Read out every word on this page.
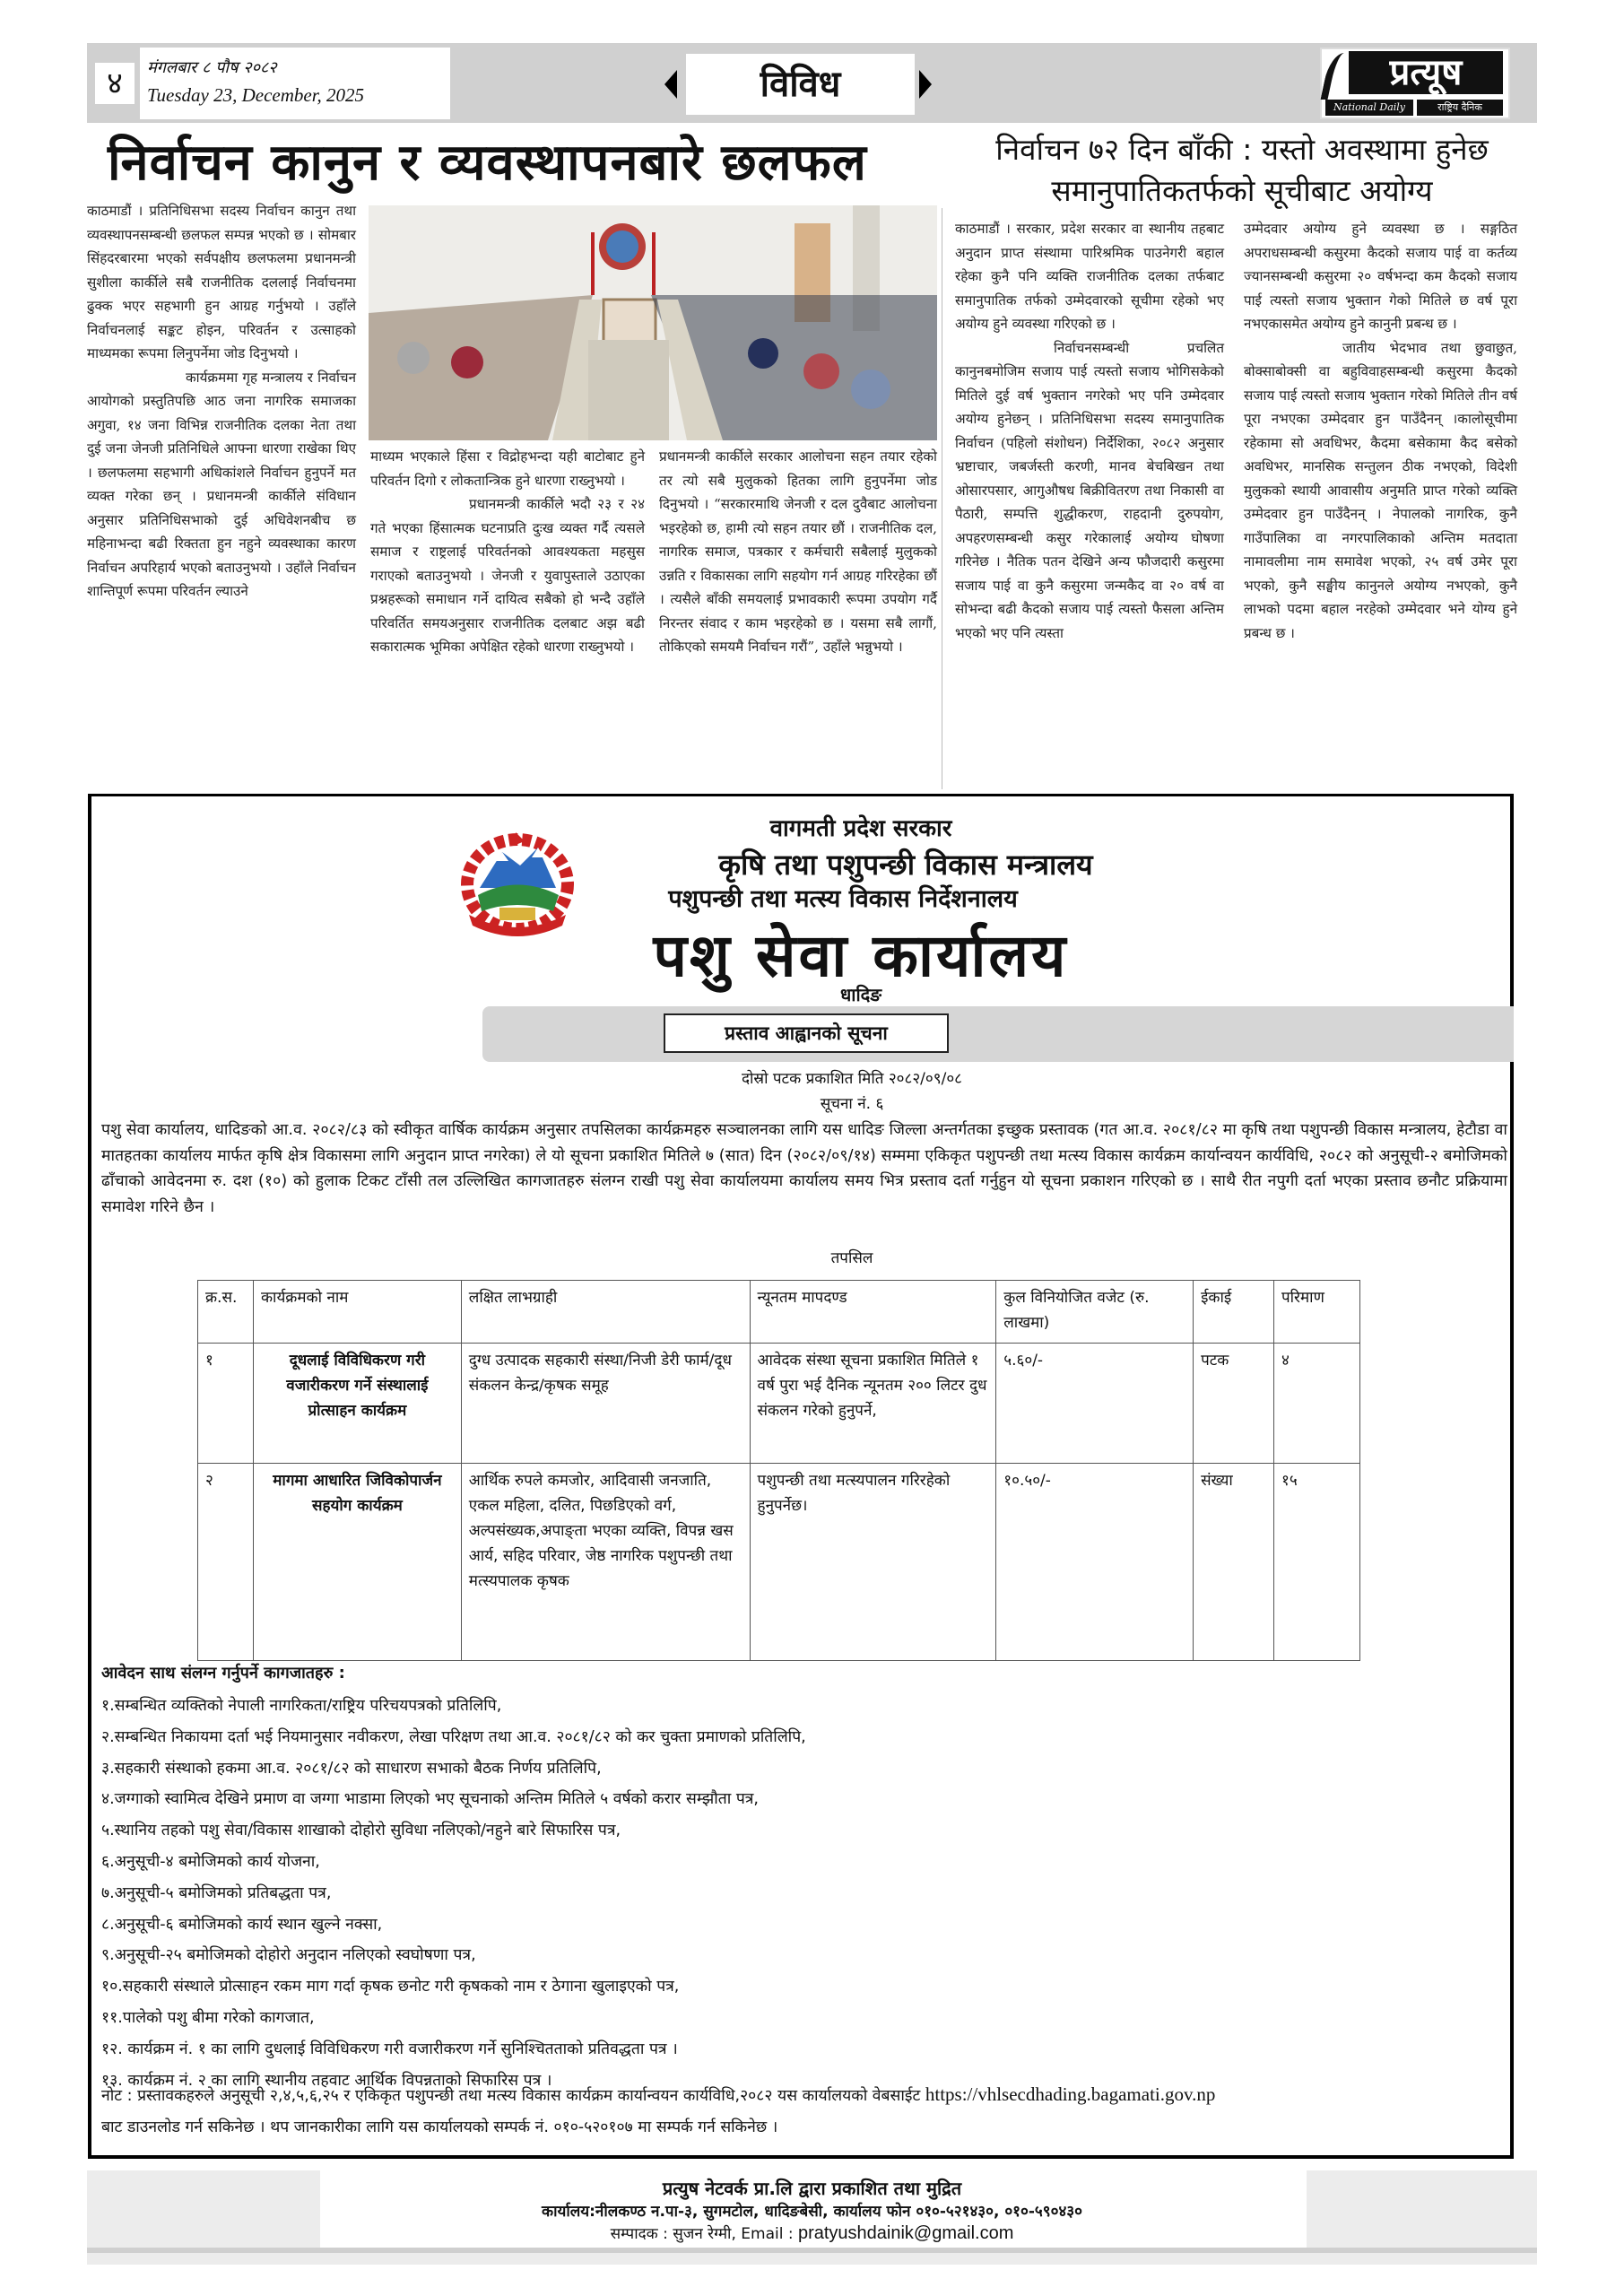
४	मंगलबार ८ पौष २०८२
Tuesday 23, December, 2025	विविध	प्रत्यूष
National Daily	राष्ट्रिय दैनिक
निर्वाचन कानुन र व्यवस्थापनबारे छलफल	निर्वाचन ७२ दिन बाँकी : यस्तो अवस्थामा हुनेछ
समानुपातिकतर्फको सूचीबाट अयोग्य

काठमाडौं । प्रतिनिधिसभा सदस्य निर्वाचन कानुन तथा व्यवस्थापनसम्बन्धी छलफल सम्पन्न भएको छ । सोमबार सिंहदरबारमा भएको सर्वपक्षीय छलफलमा प्रधानमन्त्री सुशीला कार्कीले सबै राजनीतिक दललाई निर्वाचनमा ढुक्क भएर सहभागी हुन आग्रह गर्नुभयो । उहाँले निर्वाचनलाई सङ्कट होइन, परिवर्तन र उत्साहको माध्यमका रूपमा लिनुपर्नेमा जोड दिनुभयो ।

कार्यक्रममा गृह मन्त्रालय र निर्वाचन आयोगको प्रस्तुतिपछि आठ जना नागरिक समाजका अगुवा, १४ जना विभिन्न राजनीतिक दलका नेता तथा दुई जना जेनजी प्रतिनिधिले आफ्ना धारणा राखेका थिए । छलफलमा सहभागी अधिकांशले निर्वाचन हुनुपर्ने मत व्यक्त गरेका छन् । प्रधानमन्त्री कार्कीले संविधान अनुसार प्रतिनिधिसभाको दुई अधिवेशनबीच छ महिनाभन्दा बढी रिक्तता हुन नहुने व्यवस्थाका कारण निर्वाचन अपरिहार्य भएको बताउनुभयो । उहाँले निर्वाचन शान्तिपूर्ण रूपमा परिवर्तन ल्याउने

माध्यम भएकाले हिंसा र विद्रोहभन्दा यही बाटोबाट हुने परिवर्तन दिगो र लोकतान्त्रिक हुने धारणा राख्नुभयो ।

प्रधानमन्त्री कार्कीले भदौ २३ र २४ गते भएका हिंसात्मक घटनाप्रति दुःख व्यक्त गर्दै त्यसले समाज र राष्ट्रलाई परिवर्तनको आवश्यकता महसुस गराएको बताउनुभयो । जेनजी र युवापुस्ताले उठाएका प्रश्नहरूको समाधान गर्ने दायित्व सबैको हो भन्दै उहाँले परिवर्तित समयअनुसार राजनीतिक दलबाट अझ बढी सकारात्मक भूमिका अपेक्षित रहेको धारणा राख्नुभयो ।

प्रधानमन्त्री कार्कीले सरकार आलोचना सहन तयार रहेको तर त्यो सबै मुलुकको हितका लागि हुनुपर्नेमा जोड दिनुभयो । “सरकारमाथि जेनजी र दल दुवैबाट आलोचना भइरहेको छ, हामी त्यो सहन तयार छौं । राजनीतिक दल, नागरिक समाज, पत्रकार र कर्मचारी सबैलाई मुलुकको उन्नति र विकासका लागि सहयोग गर्न आग्रह गरिरहेका छौं । त्यसैले बाँकी समयलाई प्रभावकारी रूपमा उपयोग गर्दै निरन्तर संवाद र काम भइरहेको छ । यसमा सबै लागौं, तोकिएको समयमै निर्वाचन गरौं”, उहाँले भन्नुभयो ।

काठमाडौं । सरकार, प्रदेश सरकार वा स्थानीय तहबाट अनुदान प्राप्त संस्थामा पारिश्रमिक पाउनेगरी बहाल रहेका कुनै पनि व्यक्ति राजनीतिक दलका तर्फबाट समानुपातिक तर्फको उम्मेदवारको सूचीमा रहेको भए अयोग्य हुने व्यवस्था गरिएको छ ।

निर्वाचनसम्बन्धी प्रचलित कानुनबमोजिम सजाय पाई त्यस्तो सजाय भोगिसकेको मितिले दुई वर्ष भुक्तान नगरेको भए पनि उम्मेदवार अयोग्य हुनेछन् । प्रतिनिधिसभा सदस्य समानुपातिक निर्वाचन (पहिलो संशोधन) निर्देशिका, २०८२ अनुसार भ्रष्टाचार, जबर्जस्ती करणी, मानव बेचबिखन तथा ओसारपसार, आगुऔषध बिक्रीवितरण तथा निकासी वा पैठारी, सम्पत्ति शुद्धीकरण, राहदानी दुरुपयोग, अपहरणसम्बन्धी कसुर गरेकालाई अयोग्य घोषणा गरिनेछ । नैतिक पतन देखिने अन्य फौजदारी कसुरमा सजाय पाई वा कुनै कसुरमा जन्मकैद वा २० वर्ष वा सोभन्दा बढी कैदको सजाय पाई त्यस्तो फैसला अन्तिम भएको भए पनि त्यस्ता

उम्मेदवार अयोग्य हुने व्यवस्था छ । सङ्गठित अपराधसम्बन्धी कसुरमा कैदको सजाय पाई वा कर्तव्य ज्यानसम्बन्धी कसुरमा २० वर्षभन्दा कम कैदको सजाय पाई त्यस्तो सजाय भुक्तान गेको मितिले छ वर्ष पूरा नभएकासमेत अयोग्य हुने कानुनी प्रबन्ध छ ।

जातीय भेदभाव तथा छुवाछुत, बोक्साबोक्सी वा बहुविवाहसम्बन्धी कसुरमा कैदको सजाय पाई त्यस्तो सजाय भुक्तान गरेको मितिले तीन वर्ष पूरा नभएका उम्मेदवार हुन पाउँदैनन् ।कालोसूचीमा रहेकामा सो अवधिभर, कैदमा बसेकामा कैद बसेको अवधिभर, मानसिक सन्तुलन ठीक नभएको, विदेशी मुलुकको स्थायी आवासीय अनुमति प्राप्त गरेको व्यक्ति उम्मेदवार हुन पाउँदैनन् । नेपालको नागरिक, कुनै गाउँपालिका वा नगरपालिकाको अन्तिम मतदाता नामावलीमा नाम समावेश भएको, २५ वर्ष उमेर पूरा भएको, कुनै सङ्घीय कानुनले अयोग्य नभएको, कुनै लाभको पदमा बहाल नरहेको उम्मेदवार भने योग्य हुने प्रबन्ध छ ।

वागमती प्रदेश सरकार
कृषि तथा पशुपन्छी विकास मन्त्रालय
पशुपन्छी तथा मत्स्य विकास निर्देशनालय
पशु सेवा कार्यालय
धादिङ
प्रस्ताव आह्वानको सूचना
दोस्रो पटक प्रकाशित मिति २०८२/०९/०८
सूचना नं. ६
पशु सेवा कार्यालय, धादिङको आ.व. २०८२/८३ को स्वीकृत वार्षिक कार्यक्रम अनुसार तपसिलका कार्यक्रमहरु सञ्चालनका लागि यस धादिङ जिल्ला अन्तर्गतका इच्छुक प्रस्तावक (गत आ.व. २०८१/८२ मा कृषि तथा पशुपन्छी विकास मन्त्रालय, हेटौडा वा मातहतका कार्यालय मार्फत कृषि क्षेत्र विकासमा लागि अनुदान प्राप्त नगरेका) ले यो सूचना प्रकाशित मितिले ७ (सात) दिन (२०८२/०९/१४) सम्ममा एकिकृत पशुपन्छी तथा मत्स्य विकास कार्यक्रम कार्यान्वयन कार्यविधि, २०८२ को अनुसूची-२ बमोजिमको ढाँचाको आवेदनमा रु. दश (१०) को हुलाक टिकट टाँसी तल उल्लिखित कागजातहरु संलग्न राखी पशु सेवा कार्यालयमा कार्यालय समय भित्र प्रस्ताव दर्ता गर्नुहुन यो सूचना प्रकाशन गरिएको छ । साथै रीत नपुगी दर्ता भएका प्रस्ताव छनौट प्रक्रियामा समावेश गरिने छैन ।
तपसिल
क्र.स.	कार्यक्रमको नाम	लक्षित लाभग्राही	न्यूनतम मापदण्ड	कुल विनियोजित वजेट (रु. लाखमा)	ईकाई	परिमाण
१	दूधलाई विविधिकरण गरी वजारीकरण गर्ने संस्थालाई प्रोत्साहन कार्यक्रम	दुग्ध उत्पादक सहकारी संस्था/निजी डेरी फार्म/दूध संकलन केन्द्र/कृषक समूह	आवेदक संस्था सूचना प्रकाशित मितिले १ वर्ष पुरा भई दैनिक न्यूनतम २०० लिटर दुध संकलन गरेको हुनुपर्ने,	५.६०/-	पटक	४
२	मागमा आधारित जिविकोपार्जन सहयोग कार्यक्रम	आर्थिक रुपले कमजोर, आदिवासी जनजाति, एकल महिला, दलित, पिछडिएको वर्ग, अल्पसंख्यक,अपाङ्ता भएका व्यक्ति, विपन्न खस आर्य, सहिद परिवार, जेष्ठ नागरिक पशुपन्छी तथा मत्स्यपालक कृषक	पशुपन्छी तथा मत्स्यपालन गरिरहेको हुनुपर्नेछ।	१०.५०/-	संख्या	१५
आवेदन साथ संलग्न गर्नुपर्ने कागजातहरु :
१.सम्बन्धित व्यक्तिको नेपाली नागरिकता/राष्ट्रिय परिचयपत्रको प्रतिलिपि,
२.सम्बन्धित निकायमा दर्ता भई नियमानुसार नवीकरण, लेखा परिक्षण तथा आ.व. २०८१/८२ को कर चुक्ता प्रमाणको प्रतिलिपि,
३.सहकारी संस्थाको हकमा आ.व. २०८१/८२ को साधारण सभाको बैठक निर्णय प्रतिलिपि,
४.जग्गाको स्वामित्व देखिने प्रमाण वा जग्गा भाडामा लिएको भए सूचनाको अन्तिम मितिले ५ वर्षको करार सम्झौता पत्र,
५.स्थानिय तहको पशु सेवा/विकास शाखाको दोहोरो सुविधा नलिएको/नहुने बारे सिफारिस पत्र,
६.अनुसूची-४ बमोजिमको कार्य योजना,
७.अनुसूची-५ बमोजिमको प्रतिबद्धता पत्र,
८.अनुसूची-६ बमोजिमको कार्य स्थान खुल्ने नक्सा,
९.अनुसूची-२५ बमोजिमको दोहोरो अनुदान नलिएको स्वघोषणा पत्र,
१०.सहकारी संस्थाले प्रोत्साहन रकम माग गर्दा कृषक छनोट गरी कृषकको नाम र ठेगाना खुलाइएको पत्र,
११.पालेको पशु बीमा गरेको कागजात,
१२. कार्यक्रम नं. १ का लागि दुधलाई विविधिकरण गरी वजारीकरण गर्ने सुनिश्चितताको प्रतिवद्धता पत्र ।
१३. कार्यक्रम नं. २ का लागि स्थानीय तहवाट आर्थिक विपन्नताको सिफारिस पत्र ।
नोट : प्रस्तावकहरुले अनुसूची २,४,५,६,२५ र एकिकृत पशुपन्छी तथा मत्स्य विकास कार्यक्रम कार्यान्वयन कार्यविधि,२०८२ यस कार्यालयको वेबसाईट https://vhlsecdhading.bagamati.gov.np
बाट डाउनलोड गर्न सकिनेछ । थप जानकारीका लागि यस कार्यालयको सम्पर्क नं. ०१०-५२०१०७ मा सम्पर्क गर्न सकिनेछ ।
प्रत्युष नेटवर्क प्रा.लि द्वारा प्रकाशित तथा मुद्रित
कार्यालय:नीलकण्ठ न.पा-३, सुगमटोल, धादिङबेसी, कार्यालय फोन ०१०-५२१४३०, ०१०-५९०४३०
सम्पादक : सुजन रेग्मी, Email : pratyushdainik@gmail.com
